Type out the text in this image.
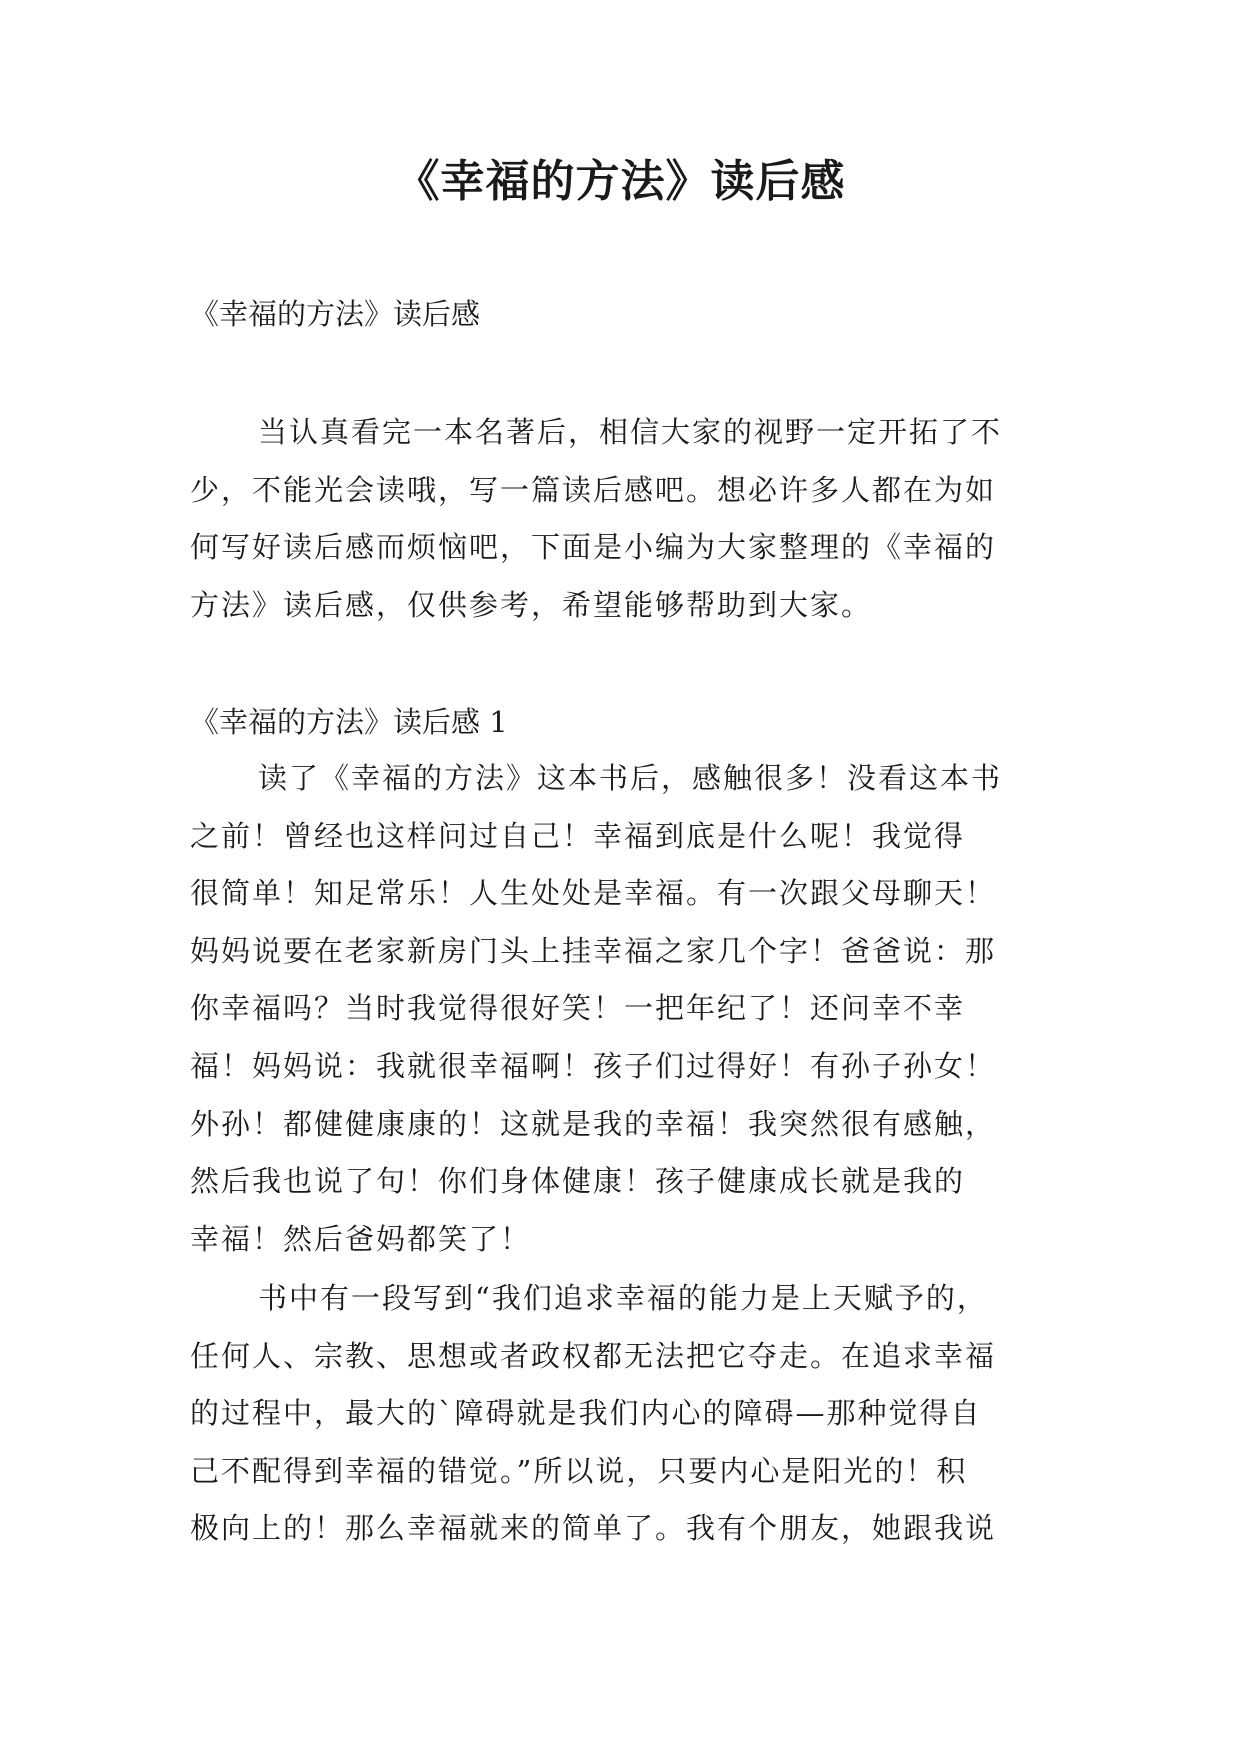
《幸福的方法》读后感

《幸福的方法》读后感

当认真看完一本名著后，相信大家的视野一定开拓了不
少，不能光会读哦，写一篇读后感吧。想必许多人都在为如
何写好读后感而烦恼吧，下面是小编为大家整理的《幸福的
方法》读后感，仅供参考，希望能够帮助到大家。

《幸福的方法》读后感 1

读了《幸福的方法》这本书后，感触很多！没看这本书
之前！曾经也这样问过自己！幸福到底是什么呢！我觉得
很简单！知足常乐！人生处处是幸福。有一次跟父母聊天！
妈妈说要在老家新房门头上挂幸福之家几个字！爸爸说：那
你幸福吗？当时我觉得很好笑！一把年纪了！还问幸不幸
福！妈妈说：我就很幸福啊！孩子们过得好！有孙子孙女！
外孙！都健健康康的！这就是我的幸福！我突然很有感触，
然后我也说了句！你们身体健康！孩子健康成长就是我的
幸福！然后爸妈都笑了！
书中有一段写到“我们追求幸福的能力是上天赋予的，
任何人、宗教、思想或者政权都无法把它夺走。在追求幸福
的过程中，最大的`障碍就是我们内心的障碍—那种觉得自
己不配得到幸福的错觉。”所以说，只要内心是阳光的！积
极向上的！那么幸福就来的简单了。我有个朋友，她跟我说
